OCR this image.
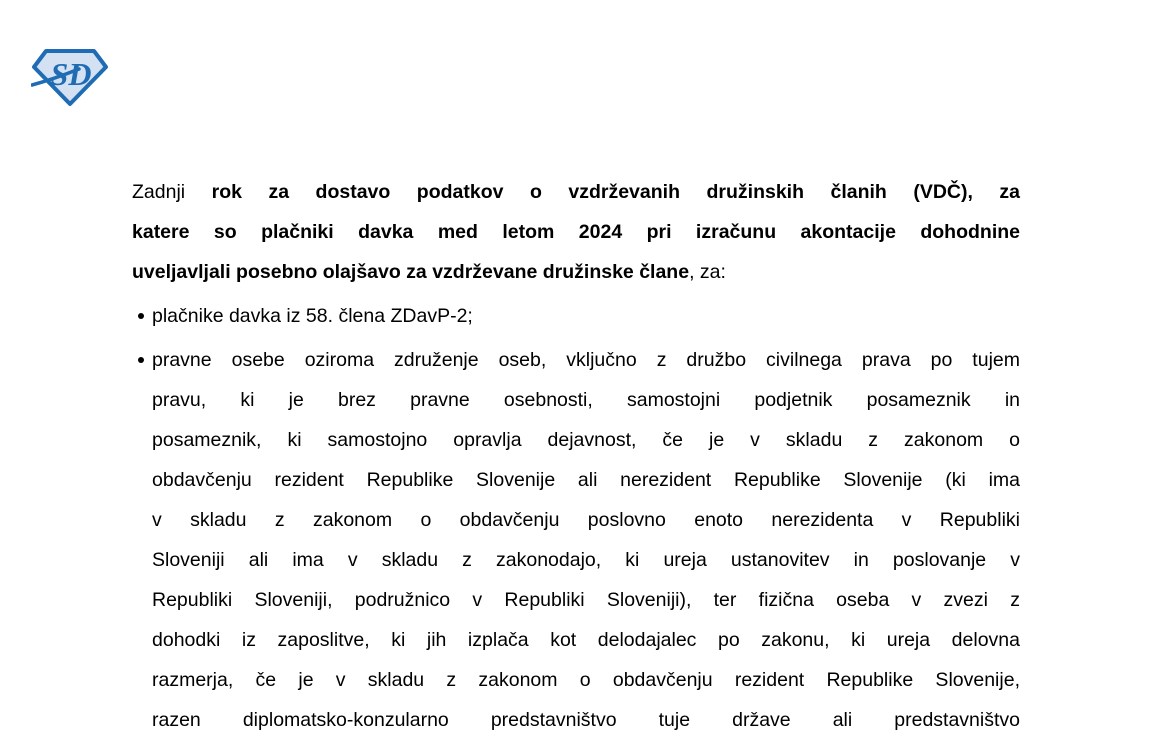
SD
Zadnji rok za dostavo podatkov o vzdrževanih družinskih članih (VDČ), za
katere so plačniki davka med letom 2024 pri izračunu akontacije dohodnine
uveljavljali posebno olajšavo za vzdrževane družinske člane, za:
plačnike davka iz 58. člena ZDavP-2;
pravne osebe oziroma združenje oseb, vključno z družbo civilnega prava po tujem
pravu, ki je brez pravne osebnosti, samostojni podjetnik posameznik in
posameznik, ki samostojno opravlja dejavnost, če je v skladu z zakonom o
obdavčenju rezident Republike Slovenije ali nerezident Republike Slovenije (ki ima
v skladu z zakonom o obdavčenju poslovno enoto nerezidenta v Republiki
Sloveniji ali ima v skladu z zakonodajo, ki ureja ustanovitev in poslovanje v
Republiki Sloveniji, podružnico v Republiki Sloveniji), ter fizična oseba v zvezi z
dohodki iz zaposlitve, ki jih izplača kot delodajalec po zakonu, ki ureja delovna
razmerja, če je v skladu z zakonom o obdavčenju rezident Republike Slovenije,
razen diplomatsko-konzularno predstavništvo tuje države ali predstavništvo
